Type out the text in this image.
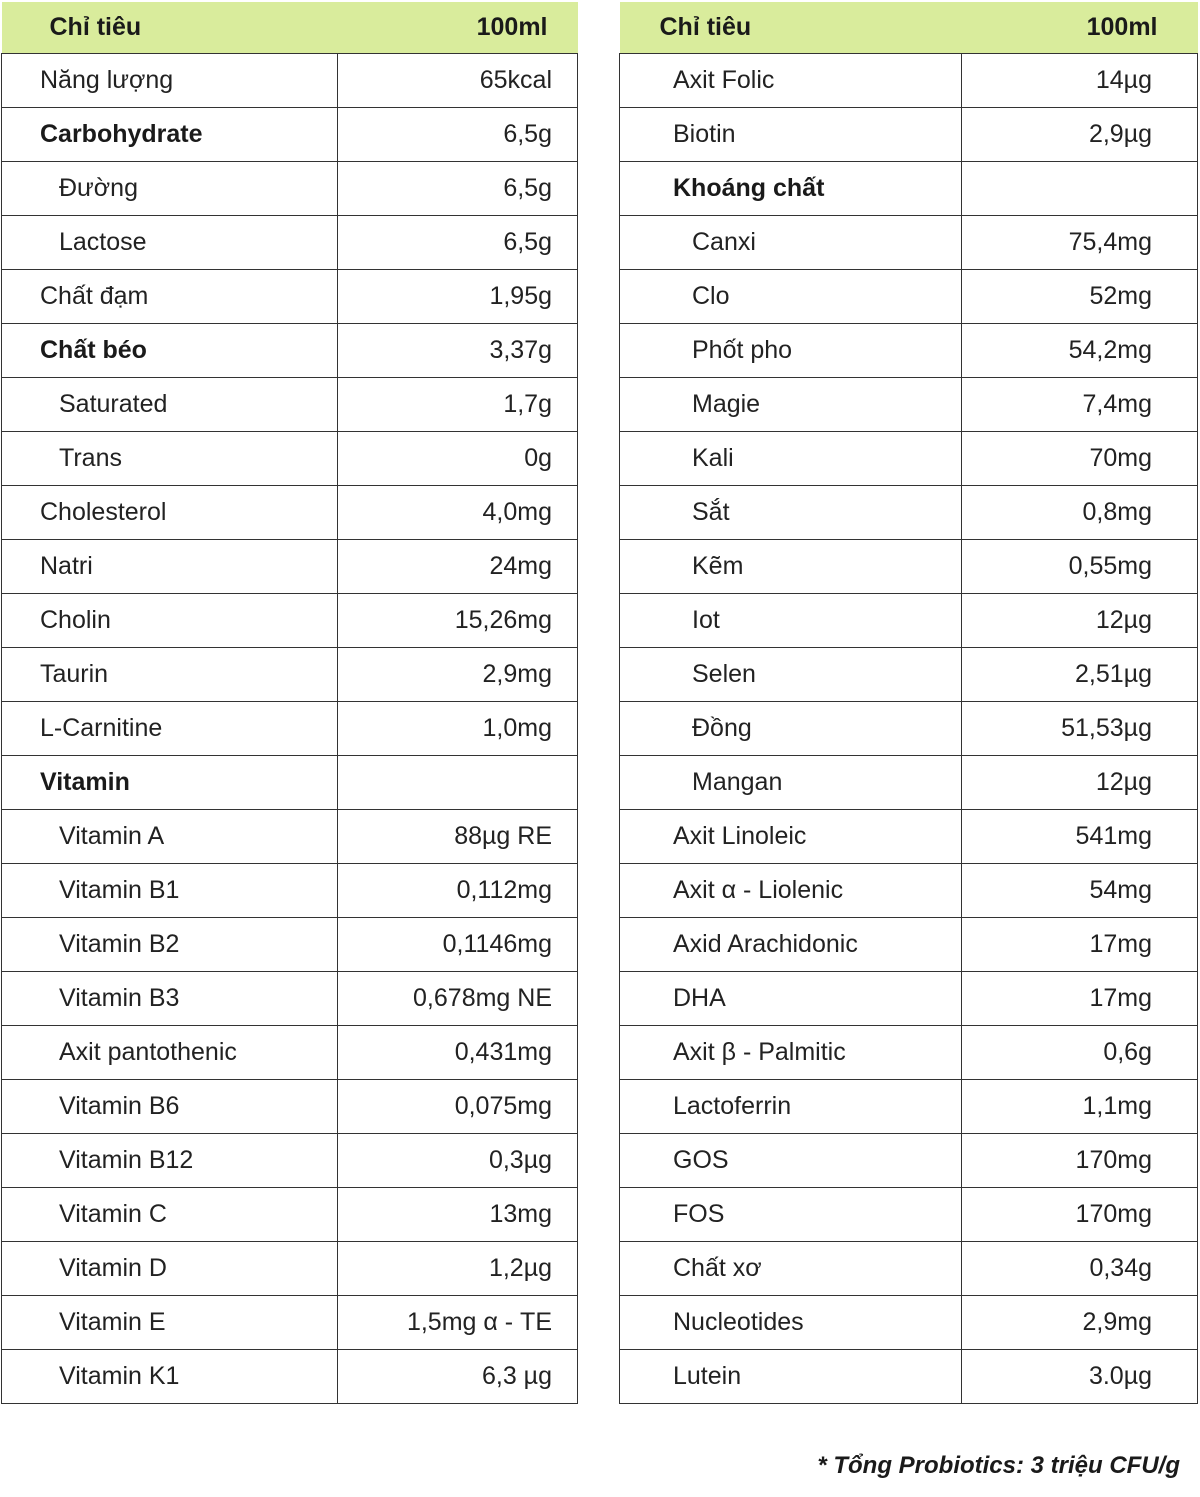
Chỉ tiêu	100ml
Năng lượng	65kcal
Carbohydrate	6,5g
Đường	6,5g
Lactose	6,5g
Chất đạm	1,95g
Chất béo	3,37g
Saturated	1,7g
Trans	0g
Cholesterol	4,0mg
Natri	24mg
Cholin	15,26mg
Taurin	2,9mg
L-Carnitine	1,0mg
Vitamin	
Vitamin A	88µg RE
Vitamin B1	0,112mg
Vitamin B2	0,1146mg
Vitamin B3	0,678mg NE
Axit pantothenic	0,431mg
Vitamin B6	0,075mg
Vitamin B12	0,3µg
Vitamin C	13mg
Vitamin D	1,2µg
Vitamin E	1,5mg α - TE
Vitamin K1	6,3 µg
Chỉ tiêu	100ml
Axit Folic	14µg
Biotin	2,9µg
Khoáng chất	
Canxi	75,4mg
Clo	52mg
Phốt pho	54,2mg
Magie	7,4mg
Kali	70mg
Sắt	0,8mg
Kẽm	0,55mg
Iot	12µg
Selen	2,51µg
Đồng	51,53µg
Mangan	12µg
Axit Linoleic	541mg
Axit α - Liolenic	54mg
Axid Arachidonic	17mg
DHA	17mg
Axit β - Palmitic	0,6g
Lactoferrin	1,1mg
GOS	170mg
FOS	170mg
Chất xơ	0,34g
Nucleotides	2,9mg
Lutein	3.0µg
* Tổng Probiotics: 3 triệu CFU/g
